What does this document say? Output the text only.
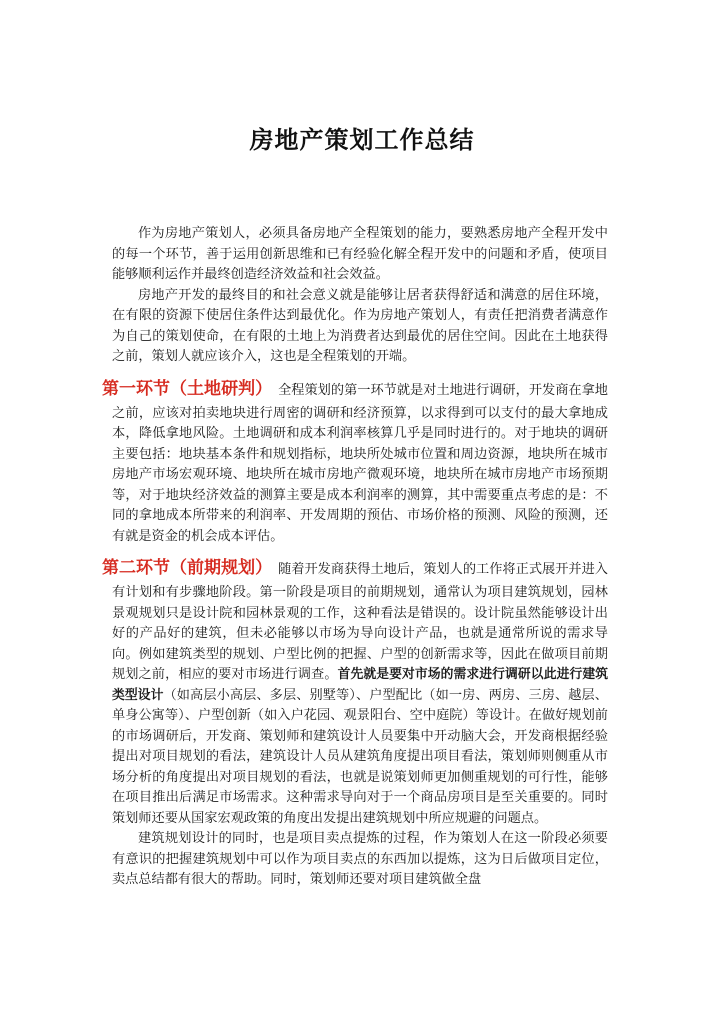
房地产策划工作总结

作为房地产策划人，必须具备房地产全程策划的能力，要熟悉房地产全程开发中的每一个环节，善于运用创新思维和已有经验化解全程开发中的问题和矛盾，使项目能够顺利运作并最终创造经济效益和社会效益。

房地产开发的最终目的和社会意义就是能够让居者获得舒适和满意的居住环境，在有限的资源下使居住条件达到最优化。作为房地产策划人，有责任把消费者满意作为自己的策划使命，在有限的土地上为消费者达到最优的居住空间。因此在土地获得之前，策划人就应该介入，这也是全程策划的开端。

第一环节（土地研判） 全程策划的第一环节就是对土地进行调研，开发商在拿地之前，应该对拍卖地块进行周密的调研和经济预算，以求得到可以支付的最大拿地成本，降低拿地风险。土地调研和成本利润率核算几乎是同时进行的。对于地块的调研主要包括：地块基本条件和规划指标，地块所处城市位置和周边资源，地块所在城市房地产市场宏观环境、地块所在城市房地产微观环境，地块所在城市房地产市场预期等，对于地块经济效益的测算主要是成本利润率的测算，其中需要重点考虑的是：不同的拿地成本所带来的利润率、开发周期的预估、市场价格的预测、风险的预测，还有就是资金的机会成本评估。

第二环节（前期规划） 随着开发商获得土地后，策划人的工作将正式展开并进入有计划和有步骤地阶段。第一阶段是项目的前期规划，通常认为项目建筑规划，园林景观规划只是设计院和园林景观的工作，这种看法是错误的。设计院虽然能够设计出好的产品好的建筑，但未必能够以市场为导向设计产品，也就是通常所说的需求导向。例如建筑类型的规划、户型比例的把握、户型的创新需求等，因此在做项目前期规划之前，相应的要对市场进行调查。首先就是要对市场的需求进行调研以此进行建筑类型设计（如高层小高层、多层、别墅等）、户型配比（如一房、两房、三房、越层、单身公寓等）、户型创新（如入户花园、观景阳台、空中庭院）等设计。在做好规划前的市场调研后，开发商、策划师和建筑设计人员要集中开动脑大会，开发商根据经验提出对项目规划的看法，建筑设计人员从建筑角度提出项目看法，策划师则侧重从市场分析的角度提出对项目规划的看法，也就是说策划师更加侧重规划的可行性，能够在项目推出后满足市场需求。这种需求导向对于一个商品房项目是至关重要的。同时策划师还要从国家宏观政策的角度出发提出建筑规划中所应规避的问题点。

建筑规划设计的同时，也是项目卖点提炼的过程，作为策划人在这一阶段必须要有意识的把握建筑规划中可以作为项目卖点的东西加以提炼，这为日后做项目定位，卖点总结都有很大的帮助。同时，策划师还要对项目建筑做全盘
